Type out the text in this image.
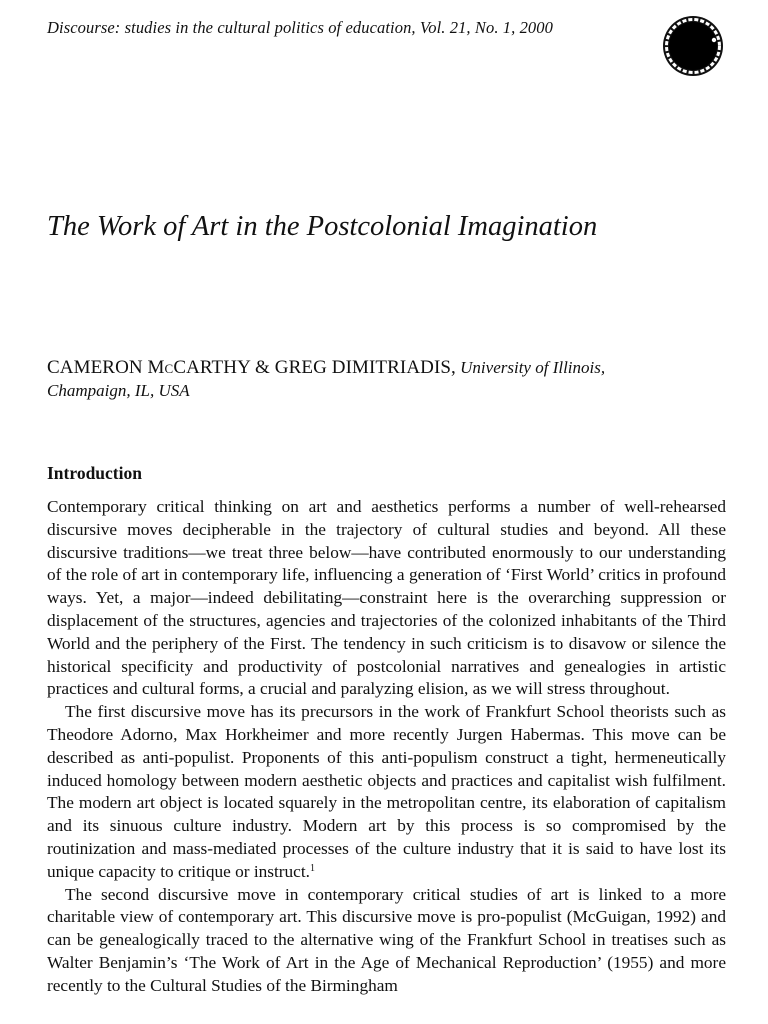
Discourse: studies in the cultural politics of education, Vol. 21, No. 1, 2000
The Work of Art in the Postcolonial Imagination
CAMERON McCARTHY & GREG DIMITRIADIS, University of Illinois,
Champaign, IL, USA
Introduction

Contemporary critical thinking on art and aesthetics performs a number of well-rehearsed discursive moves decipherable in the trajectory of cultural studies and beyond. All these discursive traditions—we treat three below—have contributed enormously to our understanding of the role of art in contemporary life, influencing a generation of ‘First World’ critics in profound ways. Yet, a major—indeed debilitating—constraint here is the overarching suppression or displacement of the structures, agencies and trajectories of the colonized inhabitants of the Third World and the periphery of the First. The tendency in such criticism is to disavow or silence the historical specificity and productivity of postcolonial narratives and genealogies in artistic practices and cultural forms, a crucial and paralyzing elision, as we will stress throughout.

The first discursive move has its precursors in the work of Frankfurt School theorists such as Theodore Adorno, Max Horkheimer and more recently Jurgen Habermas. This move can be described as anti-populist. Proponents of this anti-populism construct a tight, hermeneutically induced homology between modern aesthetic objects and practices and capitalist wish fulfilment. The modern art object is located squarely in the metropolitan centre, its elaboration of capitalism and its sinuous culture industry. Modern art by this process is so compromised by the routinization and mass-mediated processes of the culture industry that it is said to have lost its unique capacity to critique or instruct.$^1$

The second discursive move in contemporary critical studies of art is linked to a more charitable view of contemporary art. This discursive move is pro-populist (McGuigan, 1992) and can be genealogically traced to the alternative wing of the Frankfurt School in treatises such as Walter Benjamin’s ‘The Work of Art in the Age of Mechanical Reproduction’ (1955) and more recently to the Cultural Studies of the Birmingham
